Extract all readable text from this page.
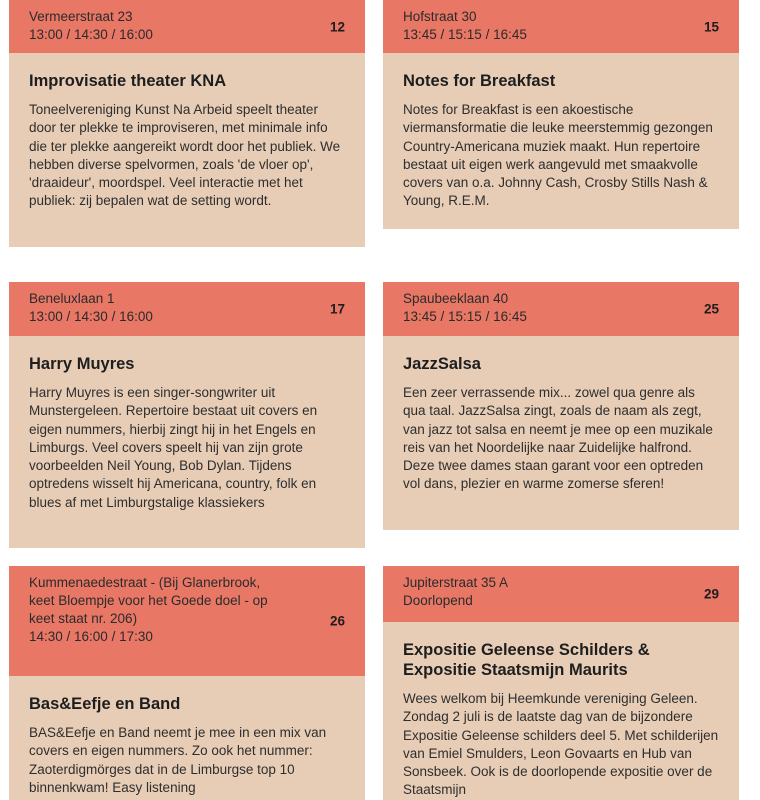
Vermeerstraat 23
13:00 / 14:30 / 16:00
12
Improvisatie theater KNA
Toneelvereniging Kunst Na Arbeid speelt theater door ter plekke te improviseren, met minimale info die ter plekke aangereikt wordt door het publiek. We hebben diverse spelvormen, zoals 'de vloer op', 'draaideur', moordspel. Veel interactie met het publiek: zij bepalen wat de setting wordt.
Hofstraat 30
13:45 / 15:15 / 16:45
15
Notes for Breakfast
Notes for Breakfast is een akoestische viermansformatie die leuke meerstemmig gezongen Country-Americana muziek maakt. Hun repertoire bestaat uit eigen werk aangevuld met smaakvolle covers van o.a. Johnny Cash, Crosby Stills Nash & Young, R.E.M.
Beneluxlaan 1
13:00 / 14:30 / 16:00	17
Harry Muyres
Harry Muyres is een singer-songwriter uit Munstergeleen. Repertoire bestaat uit covers en eigen nummers, hierbij zingt hij in het Engels en Limburgs. Veel covers speelt hij van zijn grote voorbeelden Neil Young, Bob Dylan. Tijdens optredens wisselt hij Americana, country, folk en blues af met Limburgstalige klassiekers
Spaubeeklaan 40
13:45 / 15:15 / 16:45	25
JazzSalsa
Een zeer verrassende mix... zowel qua genre als qua taal. JazzSalsa zingt, zoals de naam als zegt, van jazz tot salsa en neemt je mee op een muzikale reis van het Noordelijke naar Zuidelijke halfrond. Deze twee dames staan garant voor een optreden vol dans, plezier en warme zomerse sferen!
Kummenaedestraat - (Bij Glanerbrook, keet Bloempje voor het Goede doel - op keet staat nr. 206)
14:30 / 16:00 / 17:30
26
Bas&Eefje en Band
BAS&Eefje en Band neemt je mee in een mix van covers en eigen nummers. Zo ook het nummer: Zaoterdigmörges dat in de Limburgse top 10 binnenkwam! Easy listening
Jupiterstraat 35 A
Doorlopend	29
Expositie Geleense Schilders & Expositie Staatsmijn Maurits
Wees welkom bij Heemkunde vereniging Geleen. Zondag 2 juli is de laatste dag van de bijzondere Expositie Geleense schilders deel 5. Met schilderijen van Emiel Smulders, Leon Govaarts en Hub van Sonsbeek. Ook is de doorlopende expositie over de Staatsmijn
